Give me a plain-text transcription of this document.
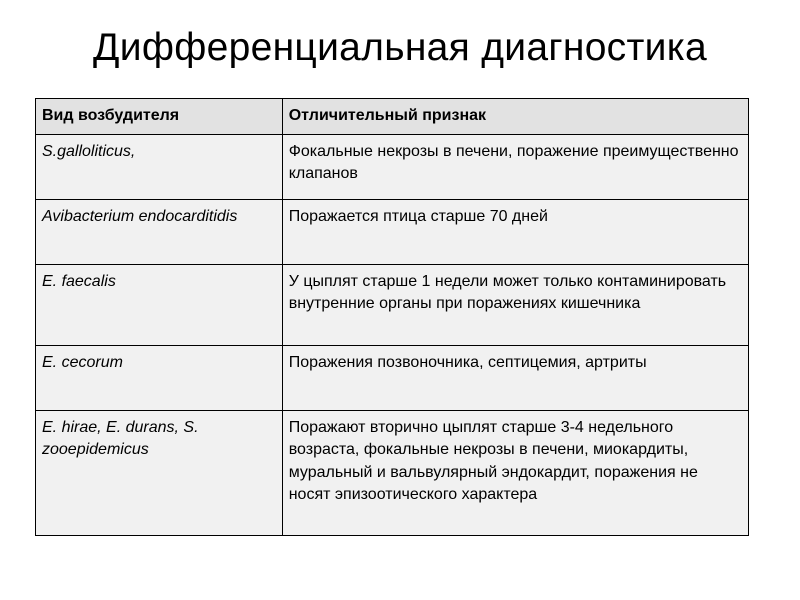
Дифференциальная диагностика
Вид возбудителя	Отличительный признак
S.galloliticus,	Фокальные некрозы в печени, поражение преимущественно клапанов
Avibacterium endocarditidis	Поражается птица старше 70 дней
E. faecalis	У цыплят старше 1 недели может только контаминировать внутренние органы при поражениях кишечника
E. cecorum	Поражения позвоночника, септицемия, артриты
E. hirae, E. durans, S. zooepidemicus	Поражают вторично цыплят старше 3-4 недельного возраста, фокальные некрозы в печени, миокардиты, муральный и вальвулярный эндокардит, поражения не носят эпизоотического характера
